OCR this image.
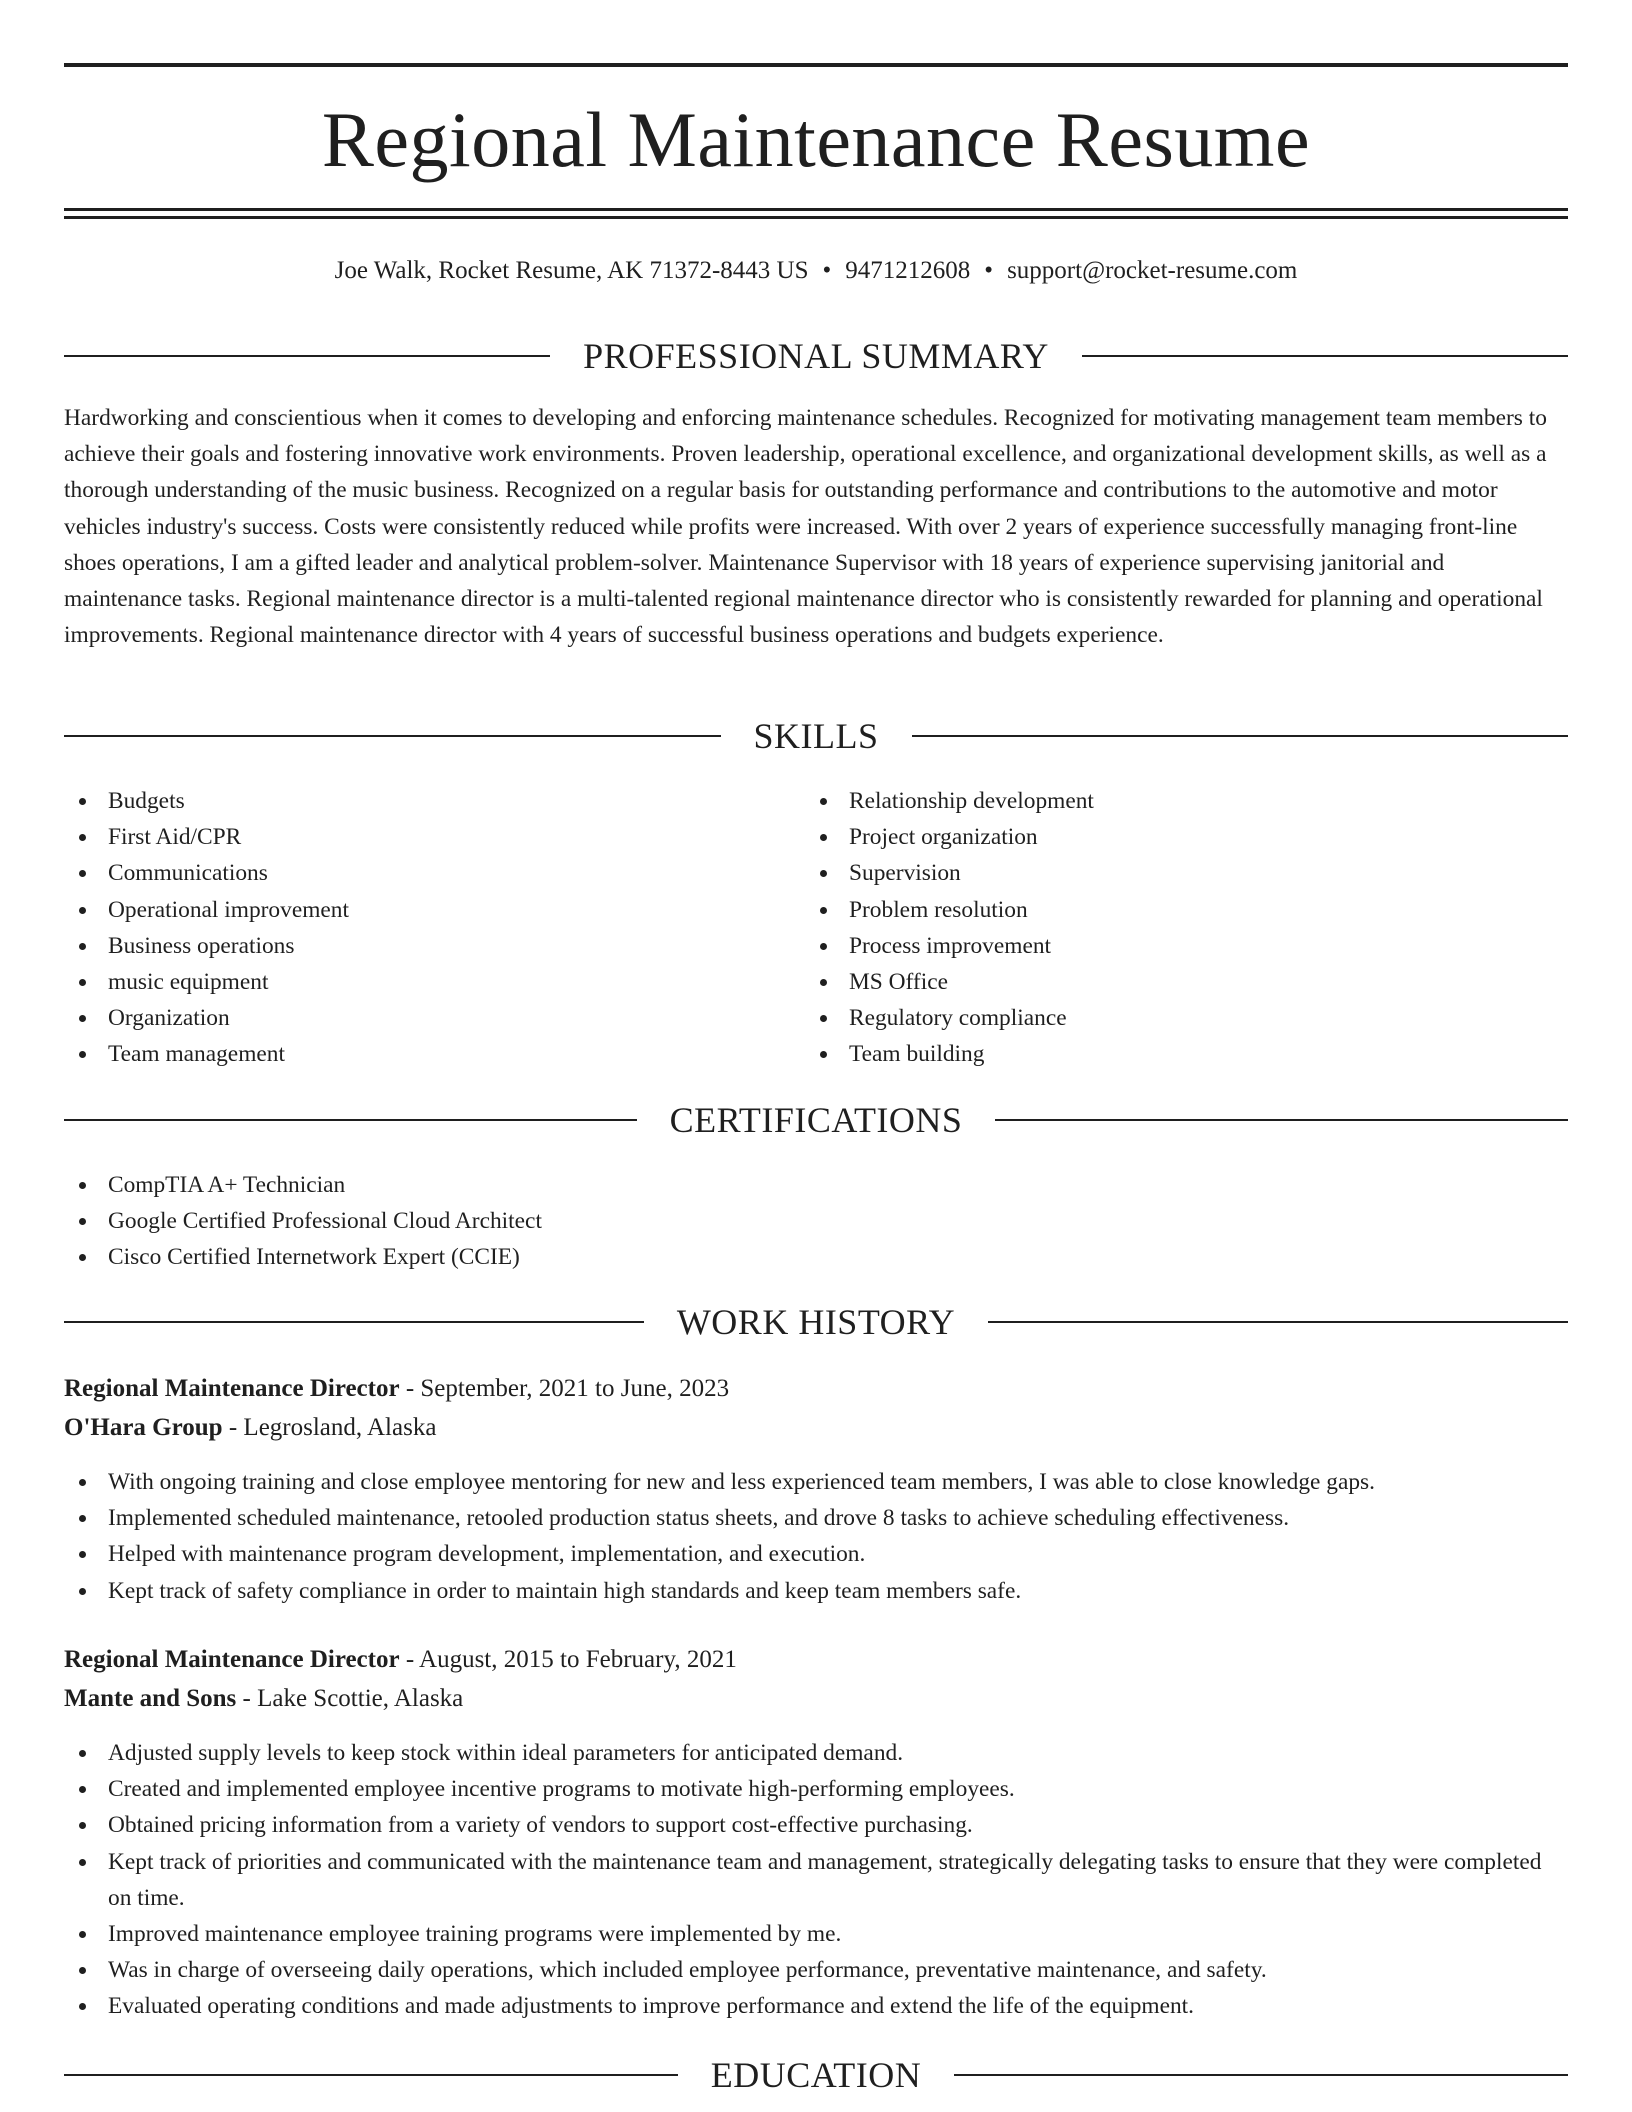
Regional Maintenance Resume
Joe Walk, Rocket Resume, AK 71372-8443 US • 9471212608 • support@rocket-resume.com
PROFESSIONAL SUMMARY

Hardworking and conscientious when it comes to developing and enforcing maintenance schedules. Recognized for motivating management team members to achieve their goals and fostering innovative work environments. Proven leadership, operational excellence, and organizational development skills, as well as a thorough understanding of the music business. Recognized on a regular basis for outstanding performance and contributions to the automotive and motor vehicles industry's success. Costs were consistently reduced while profits were increased. With over 2 years of experience successfully managing front-line shoes operations, I am a gifted leader and analytical problem-solver. Maintenance Supervisor with 18 years of experience supervising janitorial and maintenance tasks. Regional maintenance director is a multi-talented regional maintenance director who is consistently rewarded for planning and operational improvements. Regional maintenance director with 4 years of successful business operations and budgets experience.

SKILLS
Budgets
First Aid/CPR
Communications
Operational improvement
Business operations
music equipment
Organization
Team management
Relationship development
Project organization
Supervision
Problem resolution
Process improvement
MS Office
Regulatory compliance
Team building
CERTIFICATIONS
CompTIA A+ Technician
Google Certified Professional Cloud Architect
Cisco Certified Internetwork Expert (CCIE)
WORK HISTORY
Regional Maintenance Director - September, 2021 to June, 2023
O'Hara Group - Legrosland, Alaska
With ongoing training and close employee mentoring for new and less experienced team members, I was able to close knowledge gaps.
Implemented scheduled maintenance, retooled production status sheets, and drove 8 tasks to achieve scheduling effectiveness.
Helped with maintenance program development, implementation, and execution.
Kept track of safety compliance in order to maintain high standards and keep team members safe.
Regional Maintenance Director - August, 2015 to February, 2021
Mante and Sons - Lake Scottie, Alaska
Adjusted supply levels to keep stock within ideal parameters for anticipated demand.
Created and implemented employee incentive programs to motivate high-performing employees.
Obtained pricing information from a variety of vendors to support cost-effective purchasing.
Kept track of priorities and communicated with the maintenance team and management, strategically delegating tasks to ensure that they were completed on time.
Improved maintenance employee training programs were implemented by me.
Was in charge of overseeing daily operations, which included employee performance, preventative maintenance, and safety.
Evaluated operating conditions and made adjustments to improve performance and extend the life of the equipment.
EDUCATION
